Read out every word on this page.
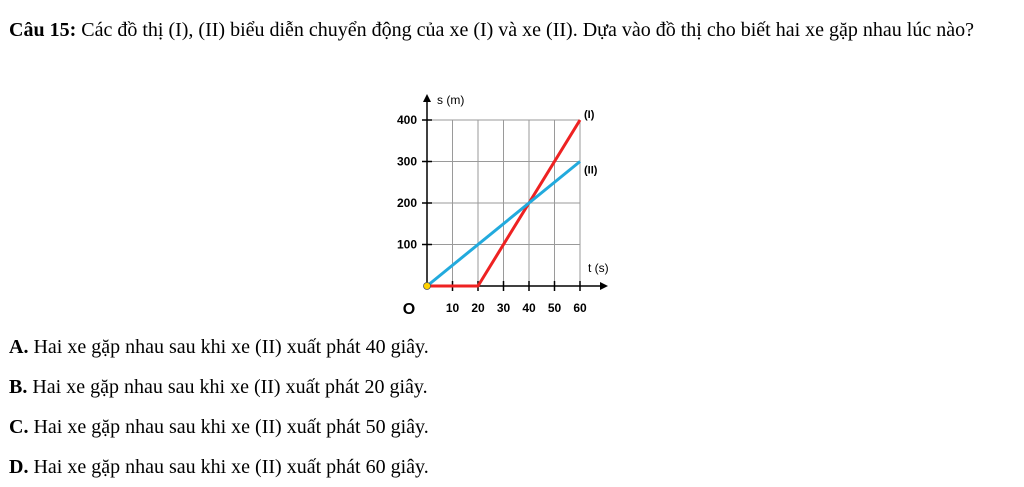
Câu 15: Các đồ thị (I), (II) biểu diễn chuyển động của xe (I) và xe (II). Dựa vào đồ thị cho biết hai xe gặp nhau lúc nào?
(I)
(II)
10 20 30 40 50 60
100
200
300
400
O
s (m)
t (s)
A. Hai xe gặp nhau sau khi xe (II) xuất phát 40 giây.
B. Hai xe gặp nhau sau khi xe (II) xuất phát 20 giây.
C. Hai xe gặp nhau sau khi xe (II) xuất phát 50 giây.
D. Hai xe gặp nhau sau khi xe (II) xuất phát 60 giây.
